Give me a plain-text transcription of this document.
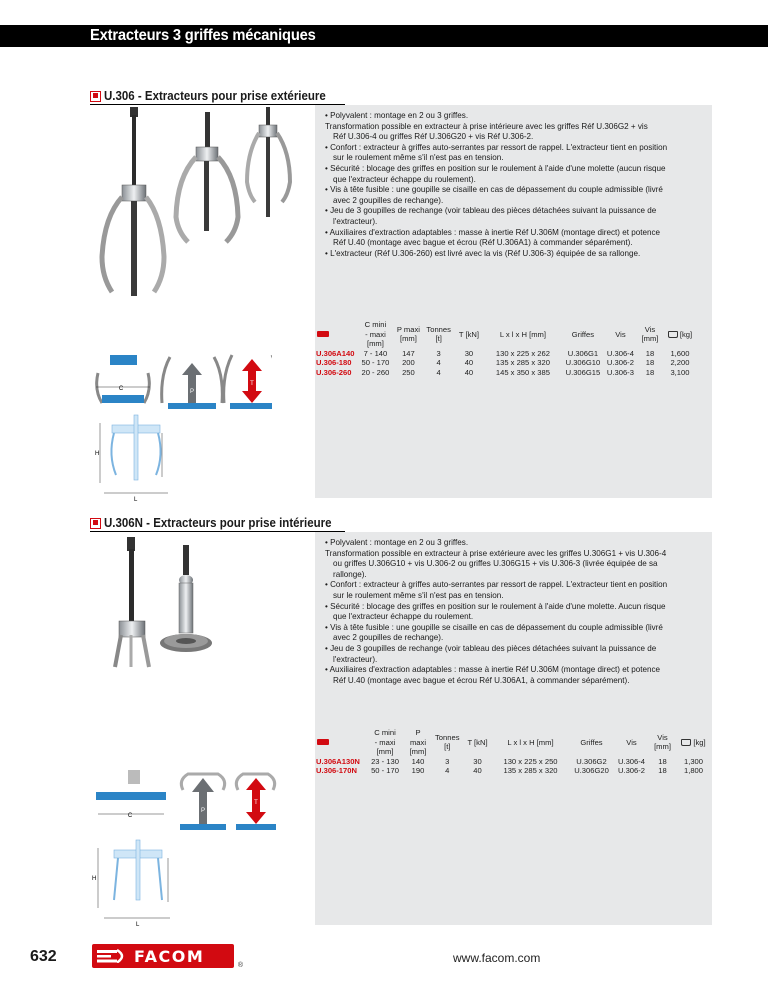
Extracteurs 3 griffes mécaniques
U.306 - Extracteurs pour prise extérieure

• Polyvalent : montage en 2 ou 3 griffes.

Transformation possible en extracteur à prise intérieure avec les griffes Réf U.306G2 + vis

Réf U.306-4 ou griffes Réf U.306G20 + vis Réf U.306-2.

• Confort : extracteur à griffes auto-serrantes par ressort de rappel. L'extracteur tient en position

sur le roulement même s'il n'est pas en tension.

• Sécurité : blocage des griffes en position sur le roulement à l'aide d'une molette (aucun risque

que l'extracteur échappe du roulement).

• Vis à tête fusible : une goupille se cisaille en cas de dépassement du couple admissible (livré

avec 2 goupilles de rechange).

• Jeu de 3 goupilles de rechange (voir tableau des pièces détachées suivant la puissance de

l'extracteur).

• Auxiliaires d'extraction adaptables : masse à inertie Réf U.306M (montage direct) et potence

Réf U.40 (montage avec bague et écrou (Réf U.306A1) à commander séparément).

• L'extracteur (Réf U.306-260) est livré avec la vis (Réf U.306-3) équipée de sa rallonge.

	C mini
- maxi
[mm]	P maxi
[mm]	Tonnes
[t]	T [kN]	L x l x H [mm]	Griffes	Vis	Vis
[mm]	[kg]
U.306A140	7 - 140	147	3	30	130 x 225 x 262	U.306G1	U.306-4	18	1,600
U.306-180	50 - 170	200	4	40	135 x 285 x 320	U.306G10	U.306-2	18	2,200
U.306-260	20 - 260	250	4	40	145 x 350 x 385	U.306G15	U.306-3	18	3,100
C	P
T
H
L
U.306N - Extracteurs pour prise intérieure

• Polyvalent : montage en 2 ou 3 griffes.

Transformation possible en extracteur à prise extérieure avec les griffes U.306G1 + vis U.306-4

ou griffes U.306G10 + vis U.306-2 ou griffes U.306G15 + vis U.306-3 (livrée équipée de sa

rallonge).

• Confort : extracteur à griffes auto-serrantes par ressort de rappel. L'extracteur tient en position

sur le roulement même s'il n'est pas en tension.

• Sécurité : blocage des griffes en position sur le roulement à l'aide d'une molette. Aucun risque

que l'extracteur échappe du roulement.

• Vis à tête fusible : une goupille se cisaille en cas de dépassement du couple admissible (livré

avec 2 goupilles de rechange).

• Jeu de 3 goupilles de rechange (voir tableau des pièces détachées suivant la puissance de

l'extracteur).

• Auxiliaires d'extraction adaptables : masse à inertie Réf U.306M (montage direct) et potence

Réf U.40 (montage avec bague et écrou Réf U.306A1, à commander séparément).

	C mini
- maxi
[mm]	P maxi
[mm]	Tonnes
[t]	T [kN]	L x l x H [mm]	Griffes	Vis	Vis
[mm]	[kg]
U.306A130N	23 - 130	140	3	30	130 x 225 x 250	U.306G2	U.306-4	18	1,300
U.306-170N	50 - 170	190	4	40	135 x 285 x 320	U.306G20	U.306-2	18	1,800
C
P
T
H
L
632	FACOM	®
www.facom.com
